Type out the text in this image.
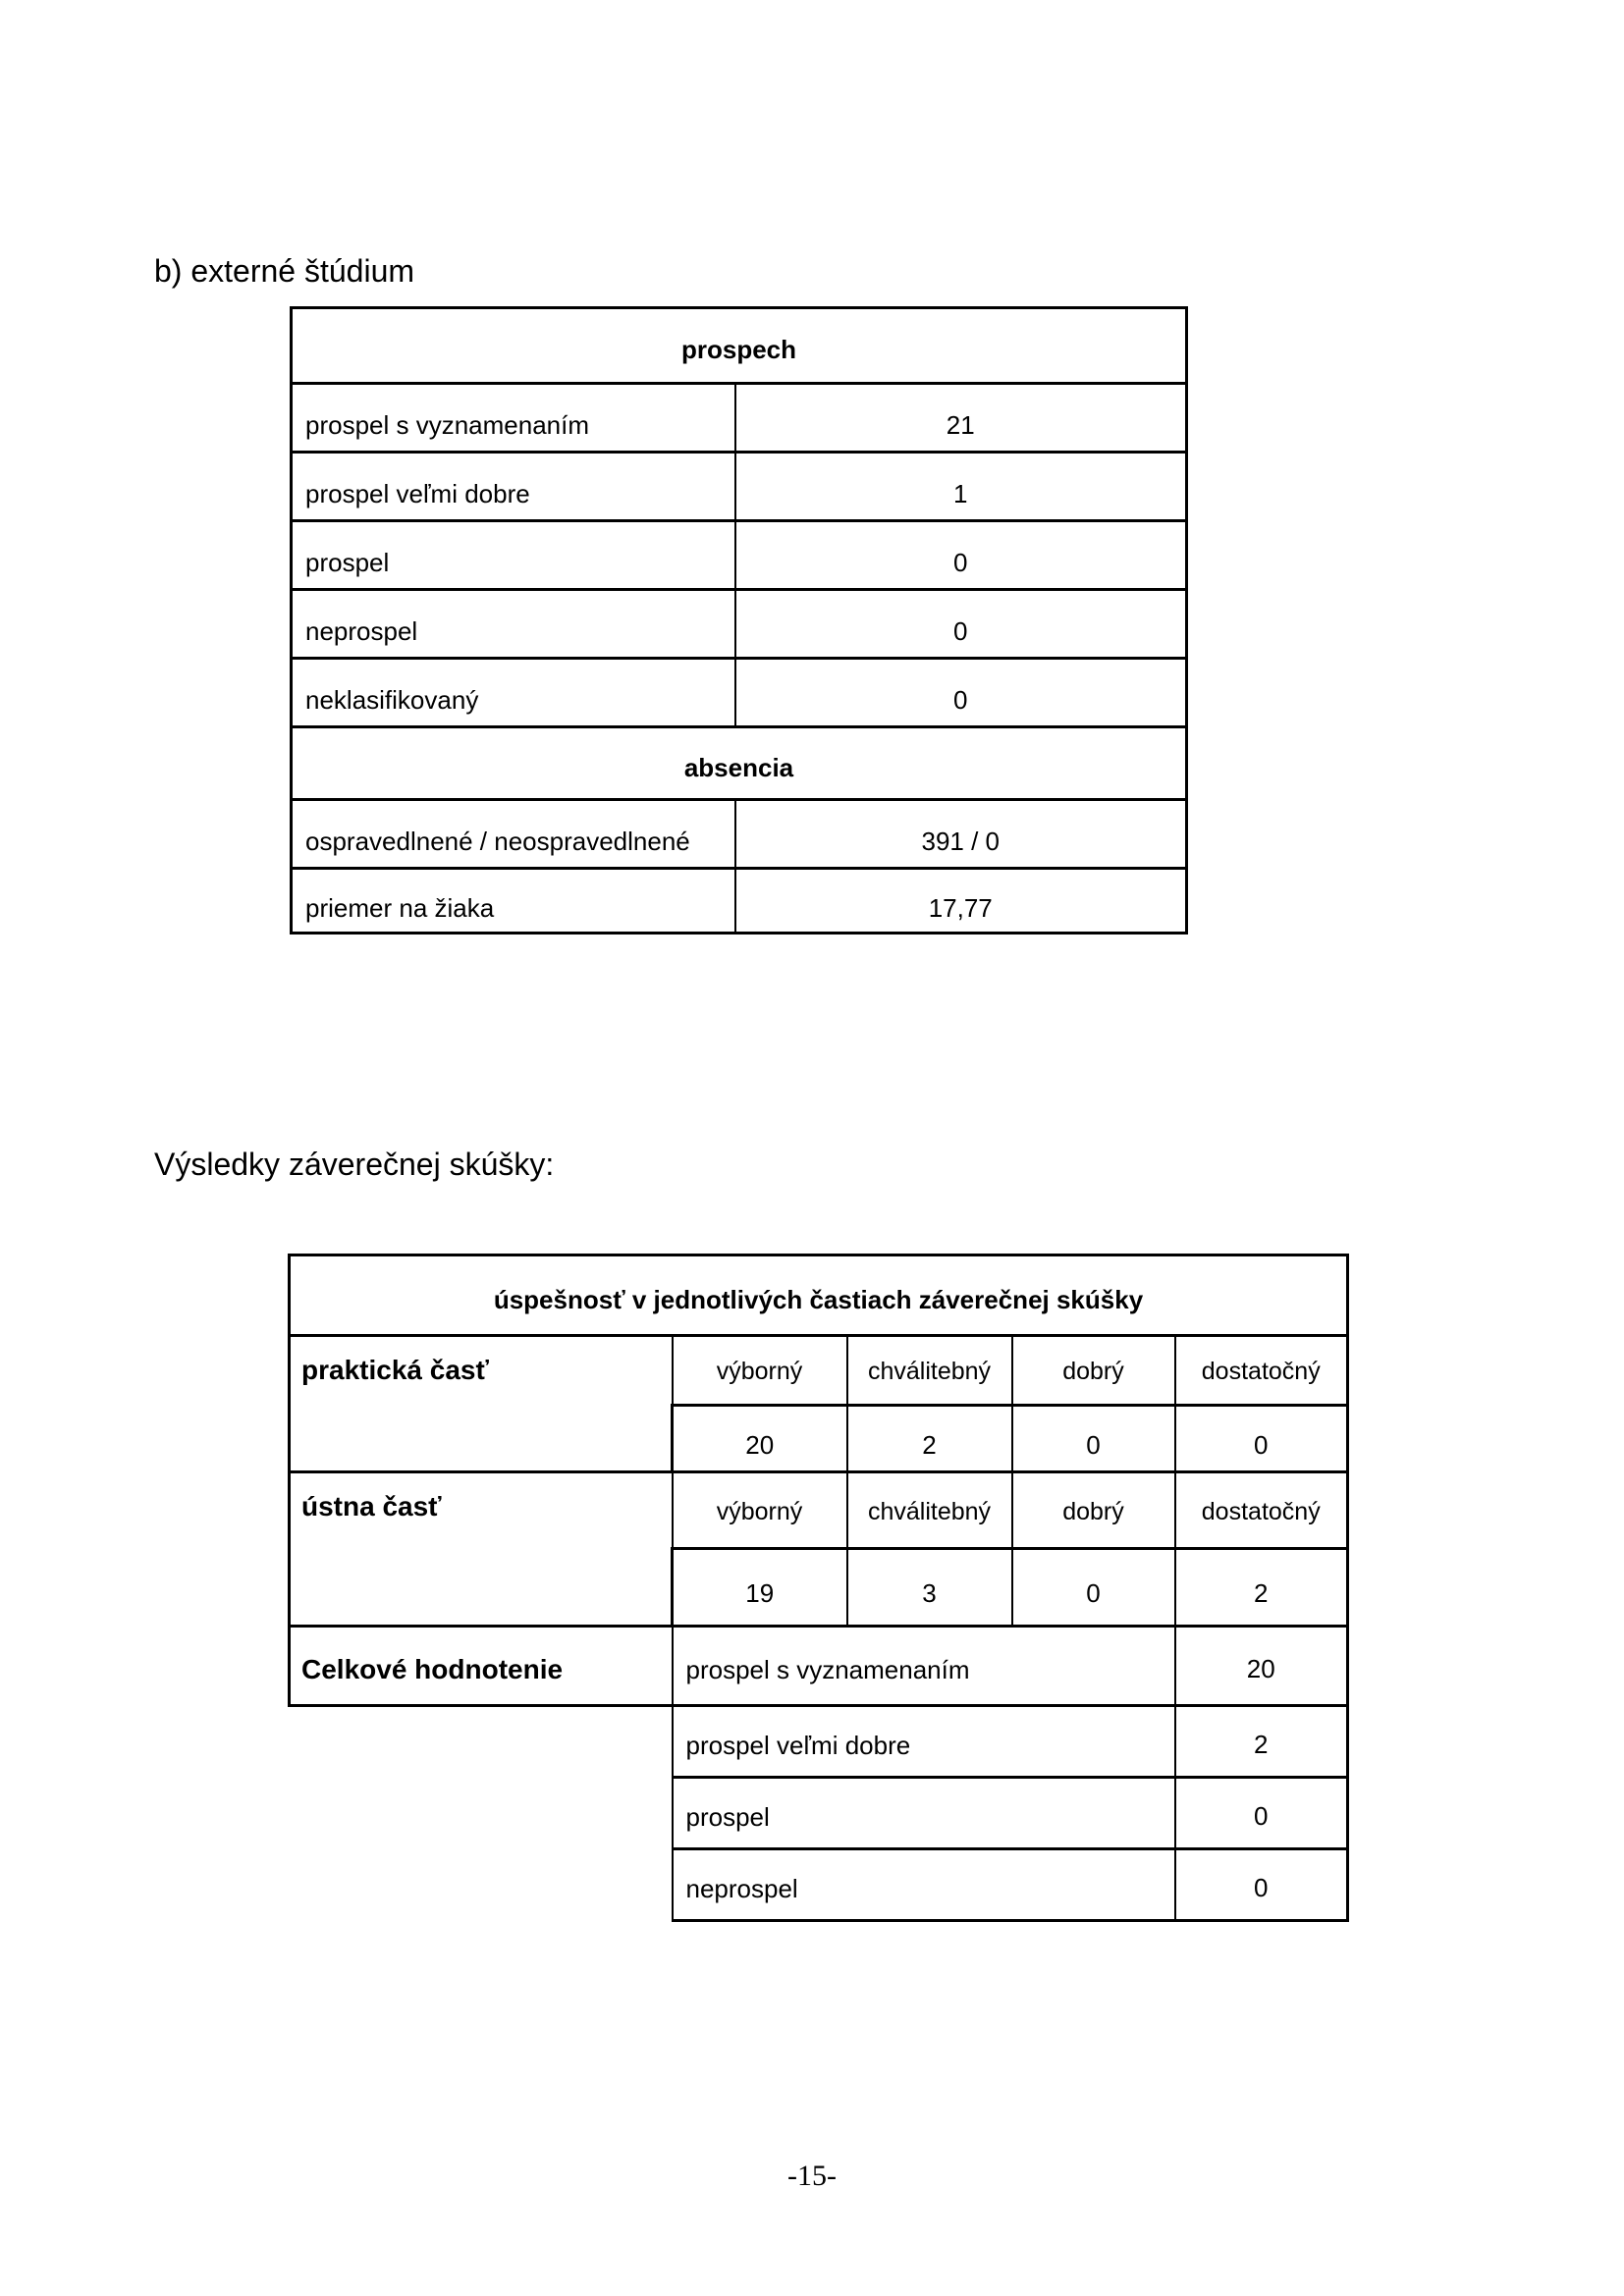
b) externé štúdium
prospech	
prospel s vyznamenaním	21
prospel veľmi dobre	1
prospel	0
neprospel	0
neklasifikovaný	0
absencia	
ospravedlnené / neospravedlnené	391 / 0
priemer na žiaka	17,77
Výsledky záverečnej skúšky:
úspešnosť v jednotlivých častiach záverečnej skúšky				
praktická časť	výborný	chválitebný	dobrý	dostatočný
	20	2	0	0
ústna časť	výborný	chválitebný	dobrý	dostatočný
	19	3	0	2
Celkové hodnotenie	prospel s vyznamenaním			20
	prospel veľmi dobre			2
	prospel			0
	neprospel			0
-15-
